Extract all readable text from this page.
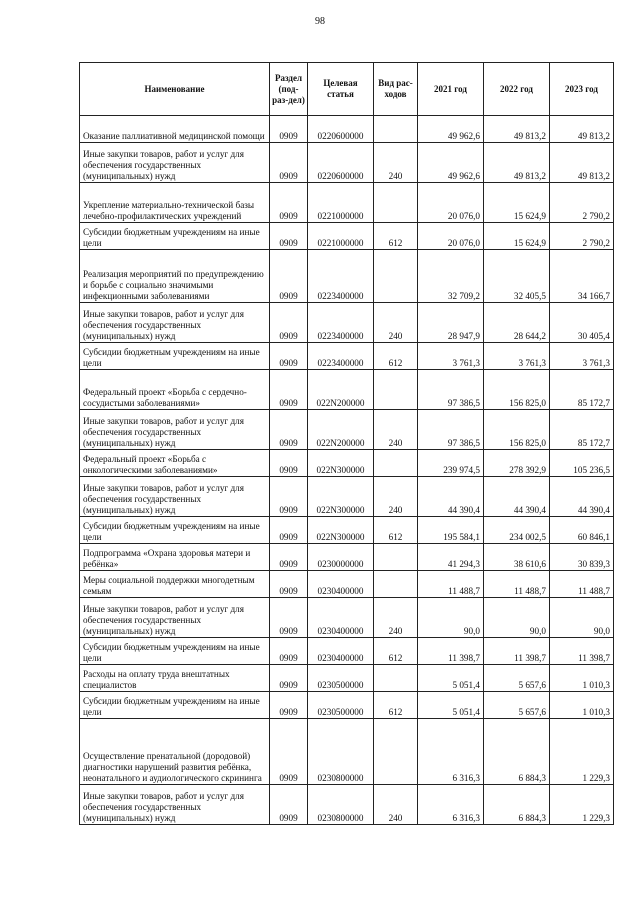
98
Наименование	Раздел (под-раз-дел)	Целевая статья	Вид рас-ходов	2021 год	2022 год	2023 год
Оказание паллиативной медицинской помощи	0909	0220600000		49 962,6	49 813,2	49 813,2
Иные закупки товаров, работ и услуг для обеспечения государственных (муниципальных) нужд	0909	0220600000	240	49 962,6	49 813,2	49 813,2
Укрепление материально-технической базы лечебно-профилактических учреждений	0909	0221000000		20 076,0	15 624,9	2 790,2
Субсидии бюджетным учреждениям на иные цели	0909	0221000000	612	20 076,0	15 624,9	2 790,2
Реализация мероприятий по предупреждению и борьбе с социально значимыми инфекционными заболеваниями	0909	0223400000		32 709,2	32 405,5	34 166,7
Иные закупки товаров, работ и услуг для обеспечения государственных (муниципальных) нужд	0909	0223400000	240	28 947,9	28 644,2	30 405,4
Субсидии бюджетным учреждениям на иные цели	0909	0223400000	612	3 761,3	3 761,3	3 761,3
Федеральный проект «Борьба с сердечно-сосудистыми заболеваниями»	0909	022N200000		97 386,5	156 825,0	85 172,7
Иные закупки товаров, работ и услуг для обеспечения государственных (муниципальных) нужд	0909	022N200000	240	97 386,5	156 825,0	85 172,7
Федеральный проект «Борьба с онкологическими заболеваниями»	0909	022N300000		239 974,5	278 392,9	105 236,5
Иные закупки товаров, работ и услуг для обеспечения государственных (муниципальных) нужд	0909	022N300000	240	44 390,4	44 390,4	44 390,4
Субсидии бюджетным учреждениям на иные цели	0909	022N300000	612	195 584,1	234 002,5	60 846,1
Подпрограмма «Охрана здоровья матери и ребёнка»	0909	0230000000		41 294,3	38 610,6	30 839,3
Меры социальной поддержки многодетным семьям	0909	0230400000		11 488,7	11 488,7	11 488,7
Иные закупки товаров, работ и услуг для обеспечения государственных (муниципальных) нужд	0909	0230400000	240	90,0	90,0	90,0
Субсидии бюджетным учреждениям на иные цели	0909	0230400000	612	11 398,7	11 398,7	11 398,7
Расходы на оплату труда внештатных специалистов	0909	0230500000		5 051,4	5 657,6	1 010,3
Субсидии бюджетным учреждениям на иные цели	0909	0230500000	612	5 051,4	5 657,6	1 010,3
Осуществление пренатальной (дородовой) диагностики нарушений развития ребёнка, неонатального и аудиологического скрининга	0909	0230800000		6 316,3	6 884,3	1 229,3
Иные закупки товаров, работ и услуг для обеспечения государственных (муниципальных) нужд	0909	0230800000	240	6 316,3	6 884,3	1 229,3
